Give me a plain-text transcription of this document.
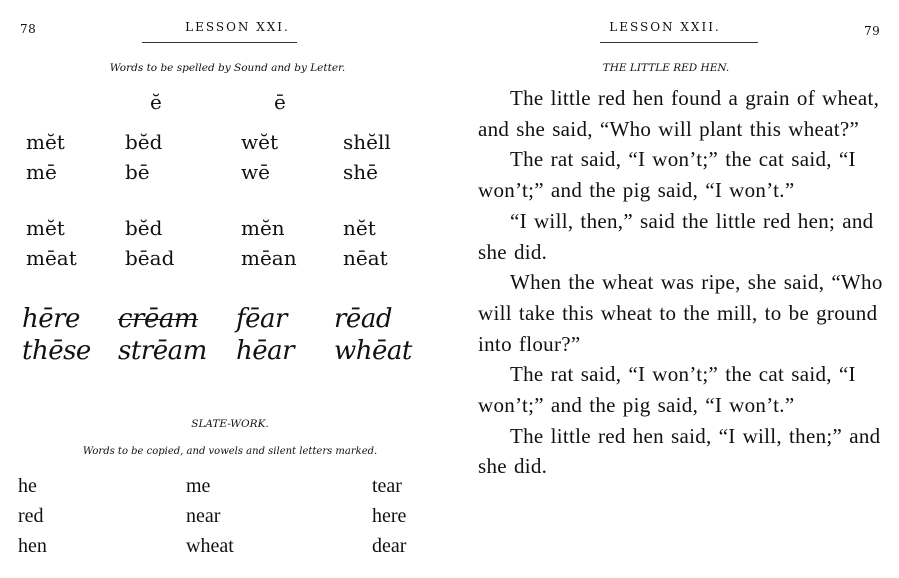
78	LESSON XXI.
Words to be spelled by Sound and by Letter.
ĕ	ē
mĕt	bĕd	wĕt	shĕll
mē	bē	wē	shē
mĕt	bĕd	mĕn	nĕt
mēat bēad	mēan nēat
hēre crēam fēar rēad
thēse strēam hēar whēat
SLATE-WORK.
Words to be copied, and vowels and silent letters marked.
he	me	tear
red	near	here
hen	wheat	dear
LESSON XXII.	79
THE LITTLE RED HEN.

The little red hen found a grain of wheat, and she said, “Who will plant this wheat?”

The rat said, “I won’t;” the cat said, “I won’t;” and the pig said, “I won’t.”

“I will, then,” said the little red hen; and she did.

When the wheat was ripe, she said, “Who will take this wheat to the mill, to be ground into flour?”

The rat said, “I won’t;” the cat said, “I won’t;” and the pig said, “I won’t.”

The little red hen said, “I will, then;” and she did.
